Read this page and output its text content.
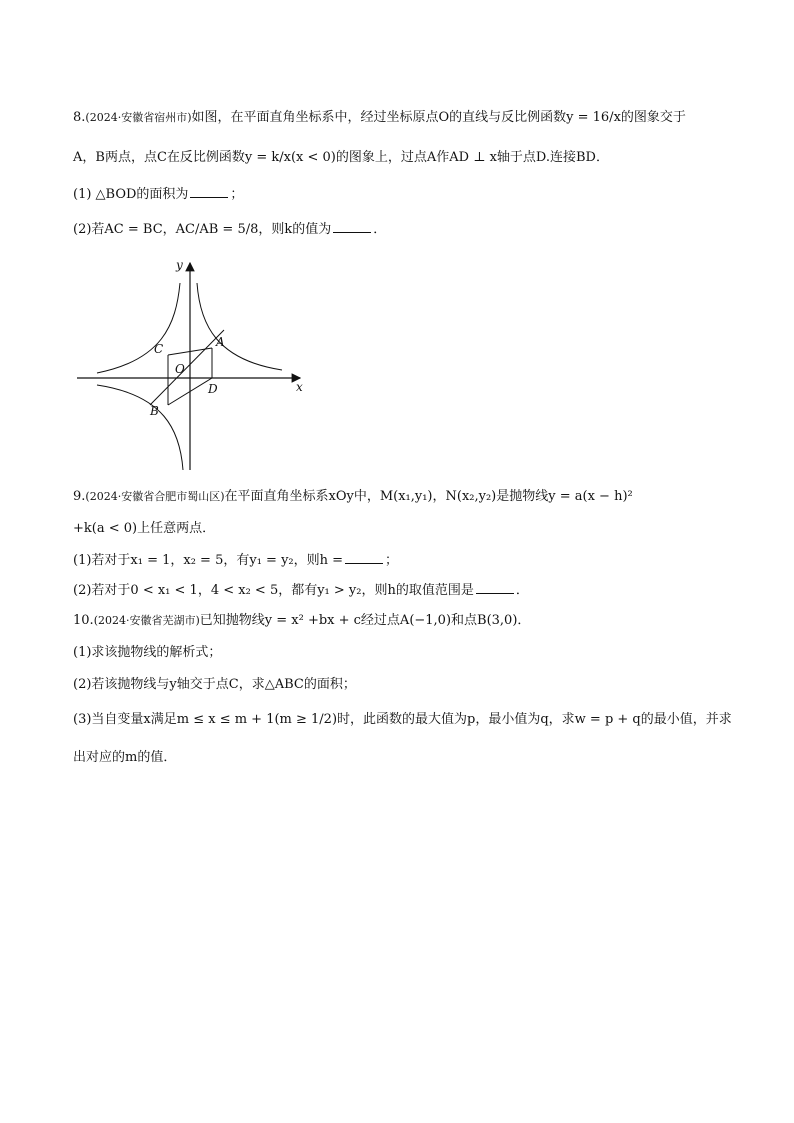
8.(2024·安徽省宿州市)如图，在平面直角坐标系中，经过坐标原点O的直线与反比例函数y = 16/x的图象交于
A，B两点，点C在反比例函数y = k/x(x < 0)的图象上，过点A作AD ⊥ x轴于点D.连接BD．
(1) △BOD的面积为	；
(2)若AC = BC，AC/AB = 5/8，则k的值为	．
y
x
A
B
C
D
O
9.(2024·安徽省合肥市蜀山区)在平面直角坐标系xOy中，M(x₁,y₁)，N(x₂,y₂)是抛物线y = a(x − h)²
+k(a < 0)上任意两点．
(1)若对于x₁ = 1，x₂ = 5，有y₁ = y₂，则h =	；
(2)若对于0 < x₁ < 1，4 < x₂ < 5，都有y₁ > y₂，则h的取值范围是	．
10.(2024·安徽省芜湖市)已知抛物线y = x² +bx + c经过点A(−1,0)和点B(3,0)．
(1)求该抛物线的解析式；
(2)若该抛物线与y轴交于点C，求△ABC的面积；
(3)当自变量x满足m ≤ x ≤ m + 1(m ≥ 1/2)时，此函数的最大值为p，最小值为q，求w = p + q的最小值，并求
出对应的m的值．
